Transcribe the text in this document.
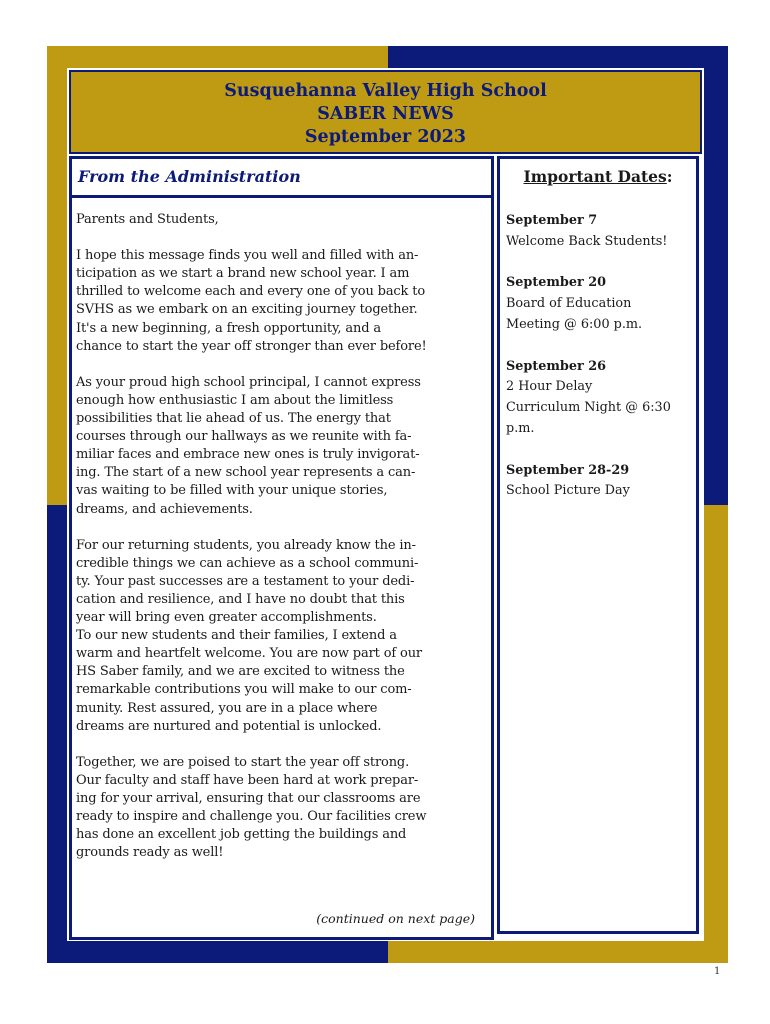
Susquehanna Valley High School
SABER NEWS
September 2023
From the Administration
Parents and Students,
I hope this message finds you well and filled with an-
ticipation as we start a brand new school year. I am
thrilled to welcome each and every one of you back to
SVHS as we embark on an exciting journey together.
It's a new beginning, a fresh opportunity, and a
chance to start the year off stronger than ever before!
As your proud high school principal, I cannot express
enough how enthusiastic I am about the limitless
possibilities that lie ahead of us. The energy that
courses through our hallways as we reunite with fa-
miliar faces and embrace new ones is truly invigorat-
ing. The start of a new school year represents a can-
vas waiting to be filled with your unique stories,
dreams, and achievements.
For our returning students, you already know the in-
credible things we can achieve as a school communi-
ty. Your past successes are a testament to your dedi-
cation and resilience, and I have no doubt that this
year will bring even greater accomplishments.
To our new students and their families, I extend a
warm and heartfelt welcome. You are now part of our
HS Saber family, and we are excited to witness the
remarkable contributions you will make to our com-
munity. Rest assured, you are in a place where
dreams are nurtured and potential is unlocked.
Together, we are poised to start the year off strong.
Our faculty and staff have been hard at work prepar-
ing for your arrival, ensuring that our classrooms are
ready to inspire and challenge you. Our facilities crew
has done an excellent job getting the buildings and
grounds ready as well!
(continued on next page)
Important Dates:
September 7
Welcome Back Students!
September 20
Board of Education
Meeting @ 6:00 p.m.
September 26
2 Hour Delay
Curriculum Night @ 6:30
p.m.
September 28-29
School Picture Day
1
